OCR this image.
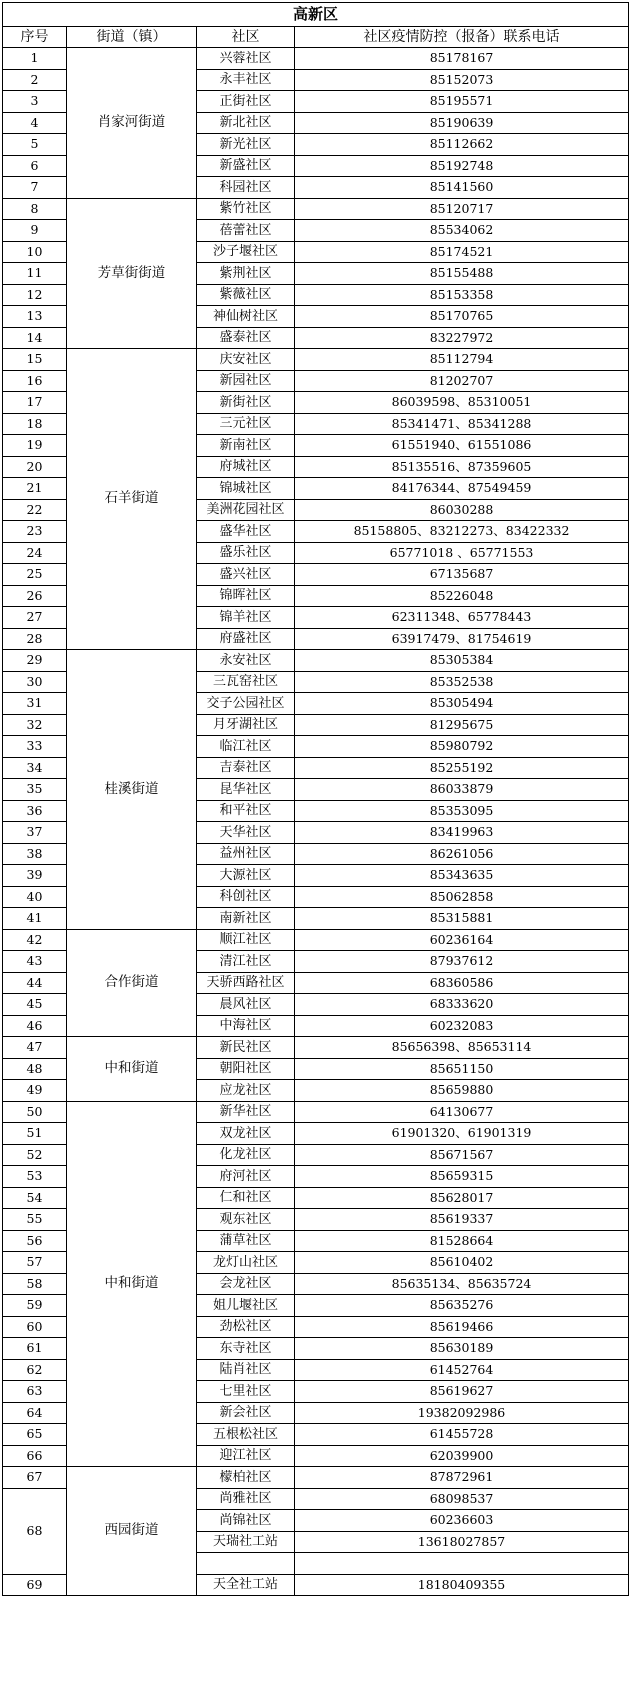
高新区			
序号	街道（镇）	社区	社区疫情防控（报备）联系电话
1	肖家河街道	兴蓉社区	85178167
2		永丰社区	85152073
3		正街社区	85195571
4		新北社区	85190639
5		新光社区	85112662
6		新盛社区	85192748
7		科园社区	85141560
8	芳草街街道	紫竹社区	85120717
9		蓓蕾社区	85534062
10		沙子堰社区	85174521
11		紫荆社区	85155488
12		紫薇社区	85153358
13		神仙树社区	85170765
14		盛泰社区	83227972
15	石羊街道	庆安社区	85112794
16		新园社区	81202707
17		新街社区	86039598、85310051
18		三元社区	85341471、85341288
19		新南社区	61551940、61551086
20		府城社区	85135516、87359605
21		锦城社区	84176344、87549459
22		美洲花园社区	86030288
23		盛华社区	85158805、83212273、83422332
24		盛乐社区	65771018 、65771553
25		盛兴社区	67135687
26		锦晖社区	85226048
27		锦羊社区	62311348、65778443
28		府盛社区	63917479、81754619
29	桂溪街道	永安社区	85305384
30		三瓦窑社区	85352538
31		交子公园社区	85305494
32		月牙湖社区	81295675
33		临江社区	85980792
34		吉泰社区	85255192
35		昆华社区	86033879
36		和平社区	85353095
37		天华社区	83419963
38		益州社区	86261056
39		大源社区	85343635
40		科创社区	85062858
41		南新社区	85315881
42	合作街道	顺江社区	60236164
43		清江社区	87937612
44		天骄西路社区	68360586
45		晨风社区	68333620
46		中海社区	60232083
47	中和街道	新民社区	85656398、85653114
48		朝阳社区	85651150
49		应龙社区	85659880
50	中和街道	新华社区	64130677
51		双龙社区	61901320、61901319
52		化龙社区	85671567
53		府河社区	85659315
54		仁和社区	85628017
55		观东社区	85619337
56		蒲草社区	81528664
57		龙灯山社区	85610402
58		会龙社区	85635134、85635724
59		姐儿堰社区	85635276
60		劲松社区	85619466
61		东寺社区	85630189
62		陆肖社区	61452764
63		七里社区	85619627
64		新会社区	19382092986
65		五根松社区	61455728
66		迎江社区	62039900
67	西园街道	檬柏社区	87872961
68		尚雅社区	68098537
		尚锦社区	60236603
		天瑞社工站	13618027857

69		天全社工站	18180409355
